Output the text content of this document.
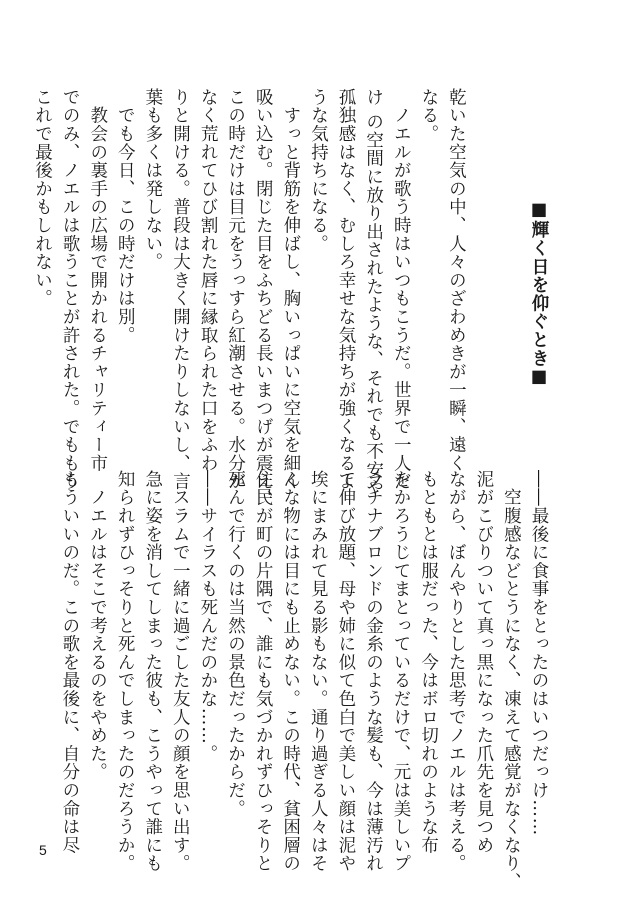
■輝く日を仰ぐとき■
乾いた空気の中、人々のざわめきが一瞬、遠く
なる。
　ノエルが歌う時はいつもこうだ。世界で一人だ
け の空間に放り出されたような、それでも不安や
孤独感はなく、むしろ幸せな気持ちが強くなるよ
うな気持ちになる。
　すっと背筋を伸ばし、胸いっぱいに空気を細く
吸い込む。閉じた目をふちどる長いまつげが震え、
この時だけは目元をうっすら紅潮させる。水分が
なく荒れてひび割れた唇に縁取られた口をふわ
りと開ける。普段は大きく開けたりしないし、言
葉も多くは発しない。
　でも今日、この時だけは別。
　教会の裏手の広場で開かれるチャリティー市
でのみ、ノエルは歌うことが許された。でももう
これで最後かもしれない。
――最後に食事をとったのはいつだっけ……
　空腹感などとうになく、凍えて感覚がなくなり、
泥がこびりついて真っ黒になった爪先を見つめ
ながら、ぼんやりとした思考でノエルは考える。
もともとは服だった、今はボロ切れのような布
をかろうじてまとっているだけで、元は美しいプ
ラチナブロンドの金糸のような髪も、今は薄汚れ
て伸び放題、母や姉に似て色白で美しい顔は泥や
埃にまみれて見る影もない。通り過ぎる人々はそ
んな物には目にも止めない。この時代、貧困層の
住民が町の片隅で、誰にも気づかれずひっそりと
死んで行くのは当然の景色だったからだ。
――サイラスも死んだのかな……。
　スラムで一緒に過ごした友人の顔を思い出す。
急に姿を消してしまった彼も、こうやって誰にも
知られずひっそりと死んでしまったのだろうか。
　ノエルはそこで考えるのをやめた。
もういいのだ。この歌を最後に、自分の命は尽
5
